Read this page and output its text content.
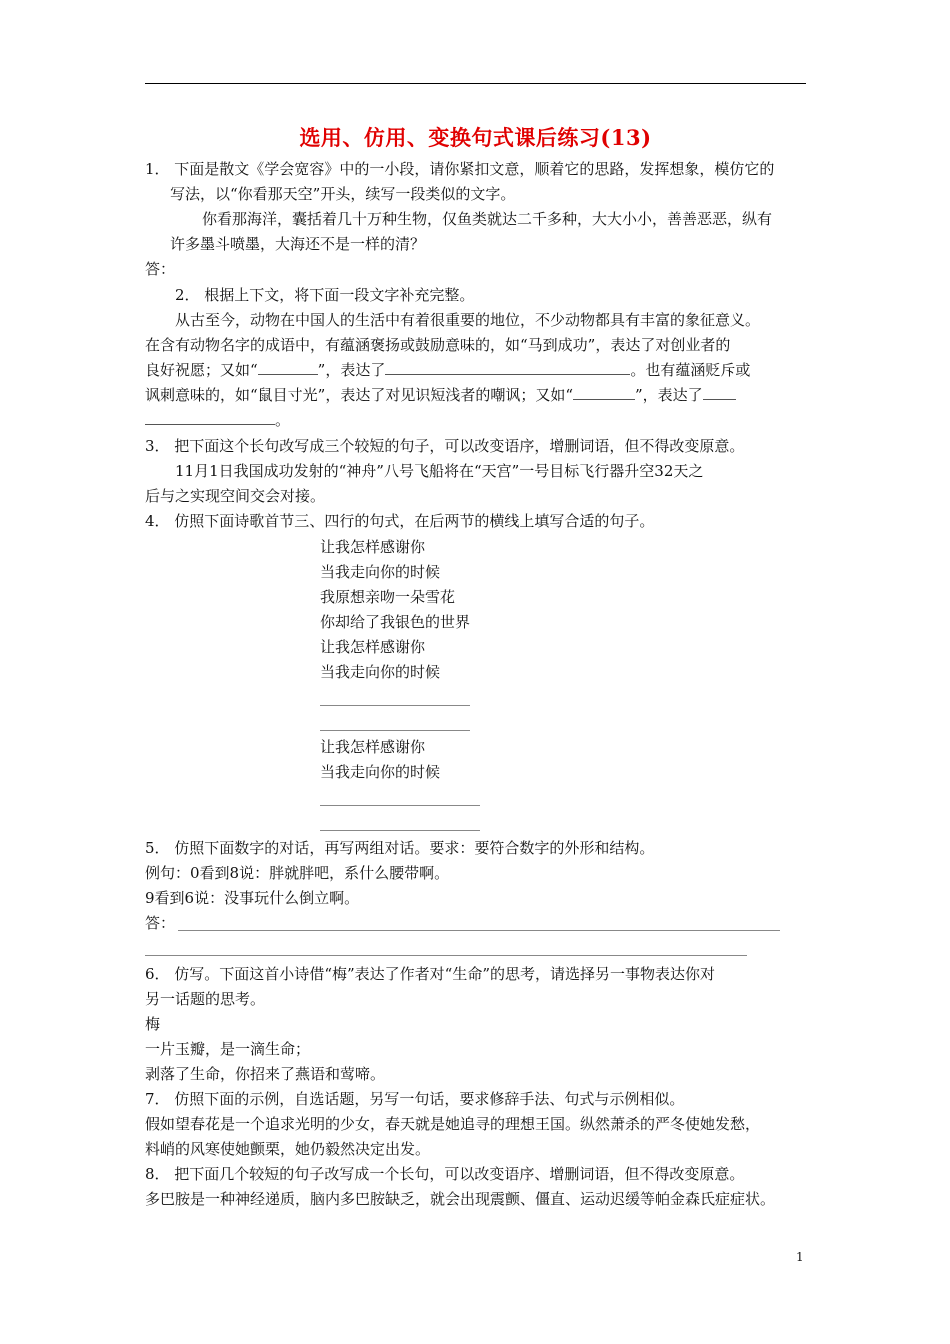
选用、仿用、变换句式课后练习(13)
1． 下面是散文《学会宽容》中的一小段，请你紧扣文意，顺着它的思路，发挥想象，模仿它的
写法，以“你看那天空”开头，续写一段类似的文字。
你看那海洋，囊括着几十万种生物，仅鱼类就达二千多种，大大小小，善善恶恶，纵有
许多墨斗喷墨，大海还不是一样的清？
答：
2． 根据上下文，将下面一段文字补充完整。
从古至今，动物在中国人的生活中有着很重要的地位，不少动物都具有丰富的象征意义。
在含有动物名字的成语中，有蕴涵褒扬或鼓励意味的，如“马到成功”，表达了对创业者的
良好祝愿；又如“	”，表达了	。也有蕴涵贬斥或
讽刺意味的，如“鼠目寸光”，表达了对见识短浅者的嘲讽；又如“	”，表达了
。
3． 把下面这个长句改写成三个较短的句子，可以改变语序，增删词语，但不得改变原意。
11月1日我国成功发射的“神舟”八号飞船将在“天宫”一号目标飞行器升空32天之
后与之实现空间交会对接。
4． 仿照下面诗歌首节三、四行的句式，在后两节的横线上填写合适的句子。
让我怎样感谢你
当我走向你的时候
我原想亲吻一朵雪花
你却给了我银色的世界
让我怎样感谢你
当我走向你的时候
让我怎样感谢你
当我走向你的时候
5． 仿照下面数字的对话，再写两组对话。要求：要符合数字的外形和结构。
例句：0看到8说：胖就胖吧，系什么腰带啊。
9看到6说：没事玩什么倒立啊。
答：
6． 仿写。下面这首小诗借“梅”表达了作者对“生命”的思考，请选择另一事物表达你对
另一话题的思考。
梅
一片玉瓣，是一滴生命；
剥落了生命，你招来了燕语和莺啼。
7． 仿照下面的示例，自选话题，另写一句话，要求修辞手法、句式与示例相似。
假如望春花是一个追求光明的少女，春天就是她追寻的理想王国。纵然萧杀的严冬使她发愁，
料峭的风寒使她颤栗，她仍毅然决定出发。
8． 把下面几个较短的句子改写成一个长句，可以改变语序、增删词语，但不得改变原意。
多巴胺是一种神经递质，脑内多巴胺缺乏，就会出现震颤、僵直、运动迟缓等帕金森氏症症状。
1
